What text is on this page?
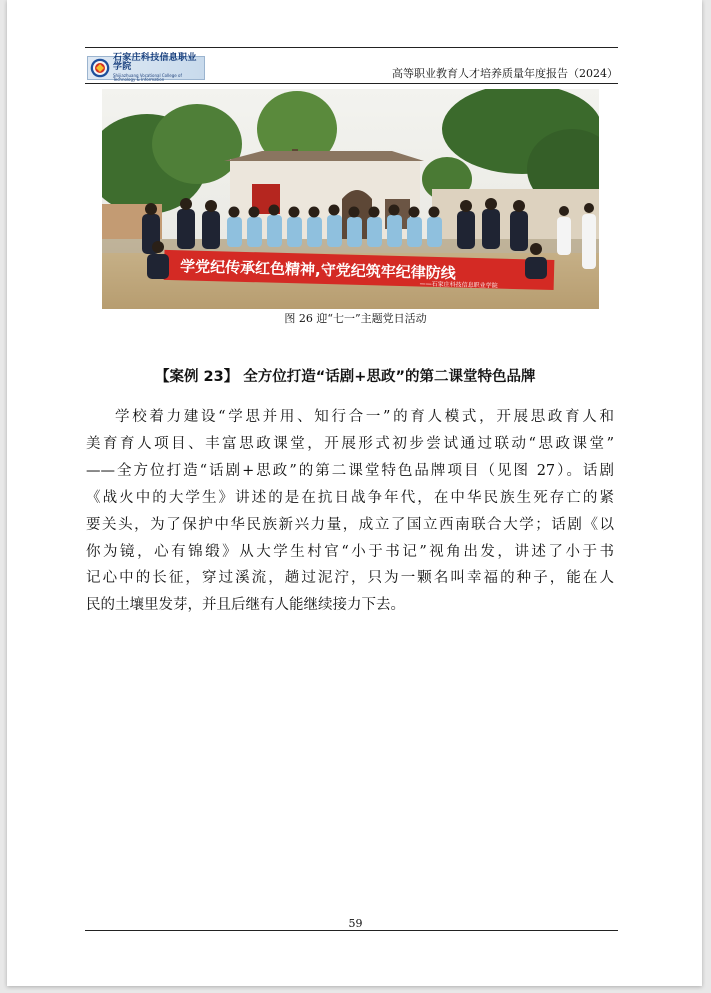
石家庄科技信息职业学院
Shijiazhuang Vocational College of Technology & Information	高等职业教育人才培养质量年度报告（2024）
学党纪传承红色精神,守党纪筑牢纪律防线
——石家庄科技信息职业学院
图 26 迎“七一”主题党日活动
【案例 23】 全方位打造“话剧+思政”的第二课堂特色品牌
学校着力建设“学思并用、知行合一”的育人模式，开展思政育人和
美育育人项目、丰富思政课堂，开展形式初步尝试通过联动“思政课堂”
——全方位打造“话剧+思政”的第二课堂特色品牌项目（见图 27）。话剧
《战火中的大学生》讲述的是在抗日战争年代，在中华民族生死存亡的紧
要关头，为了保护中华民族新兴力量，成立了国立西南联合大学；话剧《以
你为镜，心有锦缎》从大学生村官“小于书记”视角出发，讲述了小于书
记心中的长征，穿过溪流，趟过泥泞，只为一颗名叫幸福的种子，能在人
民的土壤里发芽，并且后继有人能继续接力下去。
59
